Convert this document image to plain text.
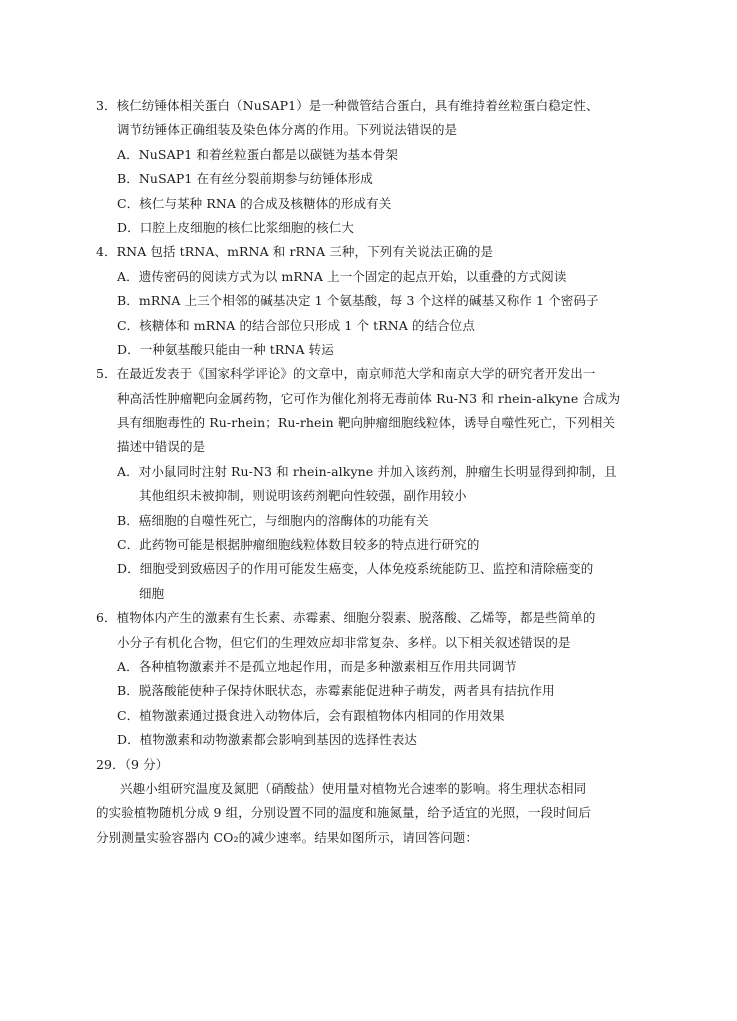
3．核仁纺锤体相关蛋白（NuSAP1）是一种微管结合蛋白，具有维持着丝粒蛋白稳定性、
调节纺锤体正确组装及染色体分离的作用。下列说法错误的是
A．NuSAP1 和着丝粒蛋白都是以碳链为基本骨架
B．NuSAP1 在有丝分裂前期参与纺锤体形成
C．核仁与某种 RNA 的合成及核糖体的形成有关
D．口腔上皮细胞的核仁比浆细胞的核仁大
4．RNA 包括 tRNA、mRNA 和 rRNA 三种，下列有关说法正确的是
A．遗传密码的阅读方式为以 mRNA 上一个固定的起点开始，以重叠的方式阅读
B．mRNA 上三个相邻的碱基决定 1 个氨基酸，每 3 个这样的碱基又称作 1 个密码子
C．核糖体和 mRNA 的结合部位只形成 1 个 tRNA 的结合位点
D．一种氨基酸只能由一种 tRNA 转运
5．在最近发表于《国家科学评论》的文章中，南京师范大学和南京大学的研究者开发出一
种高活性肿瘤靶向金属药物，它可作为催化剂将无毒前体 Ru-N3 和 rhein-alkyne 合成为
具有细胞毒性的 Ru-rhein；Ru-rhein 靶向肿瘤细胞线粒体，诱导自噬性死亡，下列相关
描述中错误的是
A．对小鼠同时注射 Ru-N3 和 rhein-alkyne 并加入该药剂，肿瘤生长明显得到抑制，且
其他组织未被抑制，则说明该药剂靶向性较强，副作用较小
B．癌细胞的自噬性死亡，与细胞内的溶酶体的功能有关
C．此药物可能是根据肿瘤细胞线粒体数目较多的特点进行研究的
D．细胞受到致癌因子的作用可能发生癌变，人体免疫系统能防卫、监控和清除癌变的
细胞
6．植物体内产生的激素有生长素、赤霉素、细胞分裂素、脱落酸、乙烯等，都是些简单的
小分子有机化合物，但它们的生理效应却非常复杂、多样。以下相关叙述错误的是
A．各种植物激素并不是孤立地起作用，而是多种激素相互作用共同调节
B．脱落酸能使种子保持休眠状态，赤霉素能促进种子萌发，两者具有拮抗作用
C．植物激素通过摄食进入动物体后，会有跟植物体内相同的作用效果
D．植物激素和动物激素都会影响到基因的选择性表达
29．（9 分）
兴趣小组研究温度及氮肥（硝酸盐）使用量对植物光合速率的影响。将生理状态相同
的实验植物随机分成 9 组，分别设置不同的温度和施氮量，给予适宜的光照，一段时间后
分别测量实验容器内 CO₂的减少速率。结果如图所示，请回答问题：
